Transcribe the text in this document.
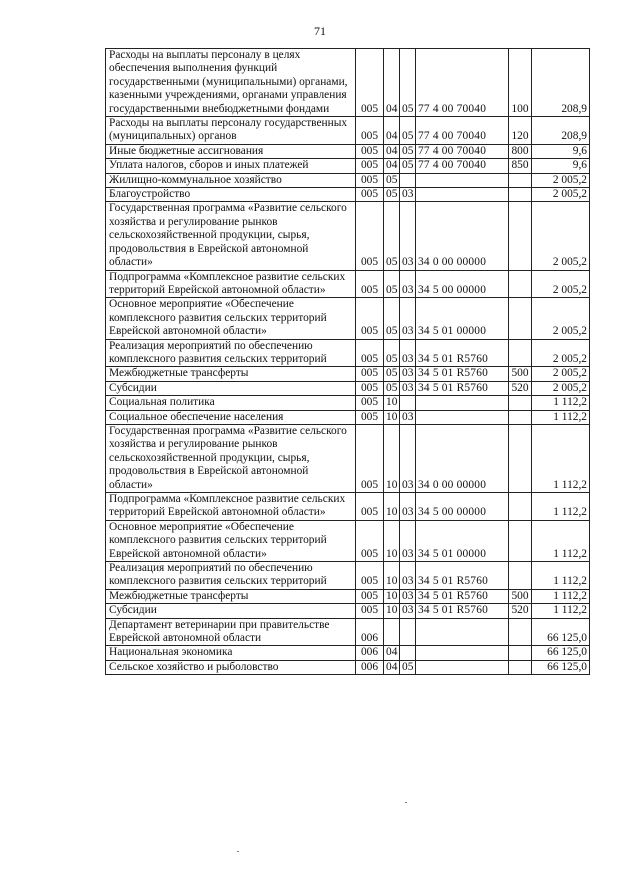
71
Расходы на выплаты персоналу в целях обеспечения выполнения функций государственными (муниципальными) органами, казенными учреждениями, органами управления государственными внебюджетными фондами	005	04	05	77 4 00 70040	100	208,9
Расходы на выплаты персоналу государственных (муниципальных) органов	005	04	05	77 4 00 70040	120	208,9
Иные бюджетные ассигнования	005	04	05	77 4 00 70040	800	9,6
Уплата налогов, сборов и иных платежей	005	04	05	77 4 00 70040	850	9,6
Жилищно-коммунальное хозяйство	005	05				2 005,2
Благоустройство	005	05	03			2 005,2
Государственная программа «Развитие сельского хозяйства и регулирование рынков сельскохозяйственной продукции, сырья, продовольствия в Еврейской автономной области»	005	05	03	34 0 00 00000		2 005,2
Подпрограмма «Комплексное развитие сельских территорий Еврейской автономной области»	005	05	03	34 5 00 00000		2 005,2
Основное мероприятие «Обеспечение комплексного развития сельских территорий Еврейской автономной области»	005	05	03	34 5 01 00000		2 005,2
Реализация мероприятий по обеспечению комплексного развития сельских территорий	005	05	03	34 5 01 R5760		2 005,2
Межбюджетные трансферты	005	05	03	34 5 01 R5760	500	2 005,2
Субсидии	005	05	03	34 5 01 R5760	520	2 005,2
Социальная политика	005	10				1 112,2
Социальное обеспечение населения	005	10	03			1 112,2
Государственная программа «Развитие сельского хозяйства и регулирование рынков сельскохозяйственной продукции, сырья, продовольствия в Еврейской автономной области»	005	10	03	34 0 00 00000		1 112,2
Подпрограмма «Комплексное развитие сельских территорий Еврейской автономной области»	005	10	03	34 5 00 00000		1 112,2
Основное мероприятие «Обеспечение комплексного развития сельских территорий Еврейской автономной области»	005	10	03	34 5 01 00000		1 112,2
Реализация мероприятий по обеспечению комплексного развития сельских территорий	005	10	03	34 5 01 R5760		1 112,2
Межбюджетные трансферты	005	10	03	34 5 01 R5760	500	1 112,2
Субсидии	005	10	03	34 5 01 R5760	520	1 112,2
Департамент ветеринарии при правительстве Еврейской автономной области	006					66 125,0
Национальная экономика	006	04				66 125,0
Сельское хозяйство и рыболовство	006	04	05			66 125,0
